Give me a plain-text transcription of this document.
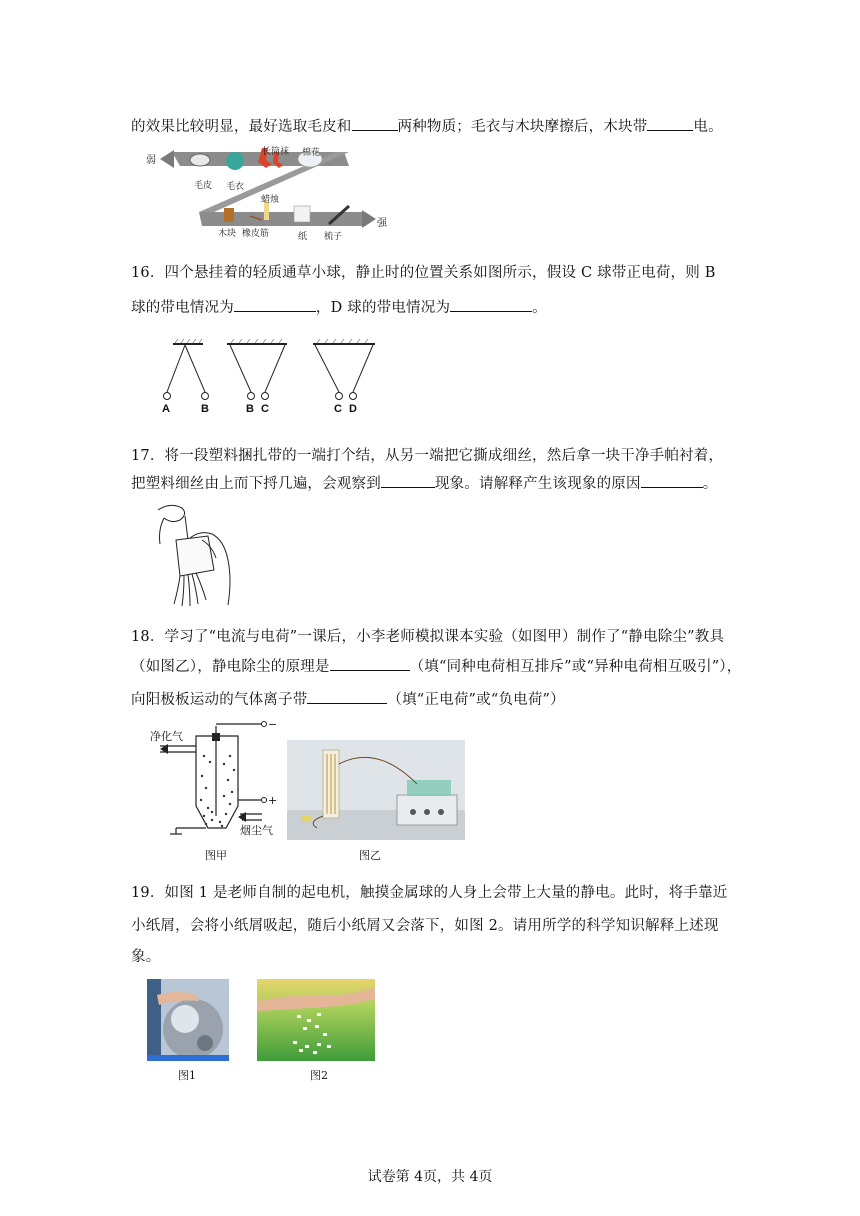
的效果比较明显，最好选取毛皮和	两种物质；毛衣与木块摩擦后，木块带	电。
弱
强
毛皮 毛衣
长筒袜 棉花
木块 橡皮筋
蜡烛
纸 梳子
16．四个悬挂着的轻质通草小球，静止时的位置关系如图所示，假设 C 球带正电荷，则 B
球的带电情况为	，D 球的带电情况为	。
A	B	B C	C D
17．将一段塑料捆扎带的一端打个结，从另一端把它撕成细丝，然后拿一块干净手帕衬着，
把塑料细丝由上而下捋几遍，会观察到	现象。请解释产生该现象的原因	。
18．学习了“电流与电荷”一课后，小李老师模拟课本实验（如图甲）制作了“静电除尘”教具
（如图乙），静电除尘的原理是	（填“同种电荷相互排斥”或“异种电荷相互吸引”），
向阳极板运动的气体离子带	（填“正电荷”或“负电荷”）
净化气
烟尘气
−
+
图甲	图乙
19．如图 1 是老师自制的起电机，触摸金属球的人身上会带上大量的静电。此时，将手靠近
小纸屑，会将小纸屑吸起，随后小纸屑又会落下，如图 2。请用所学的科学知识解释上述现
象。
图1	图2
试卷第 4页，共 4页
